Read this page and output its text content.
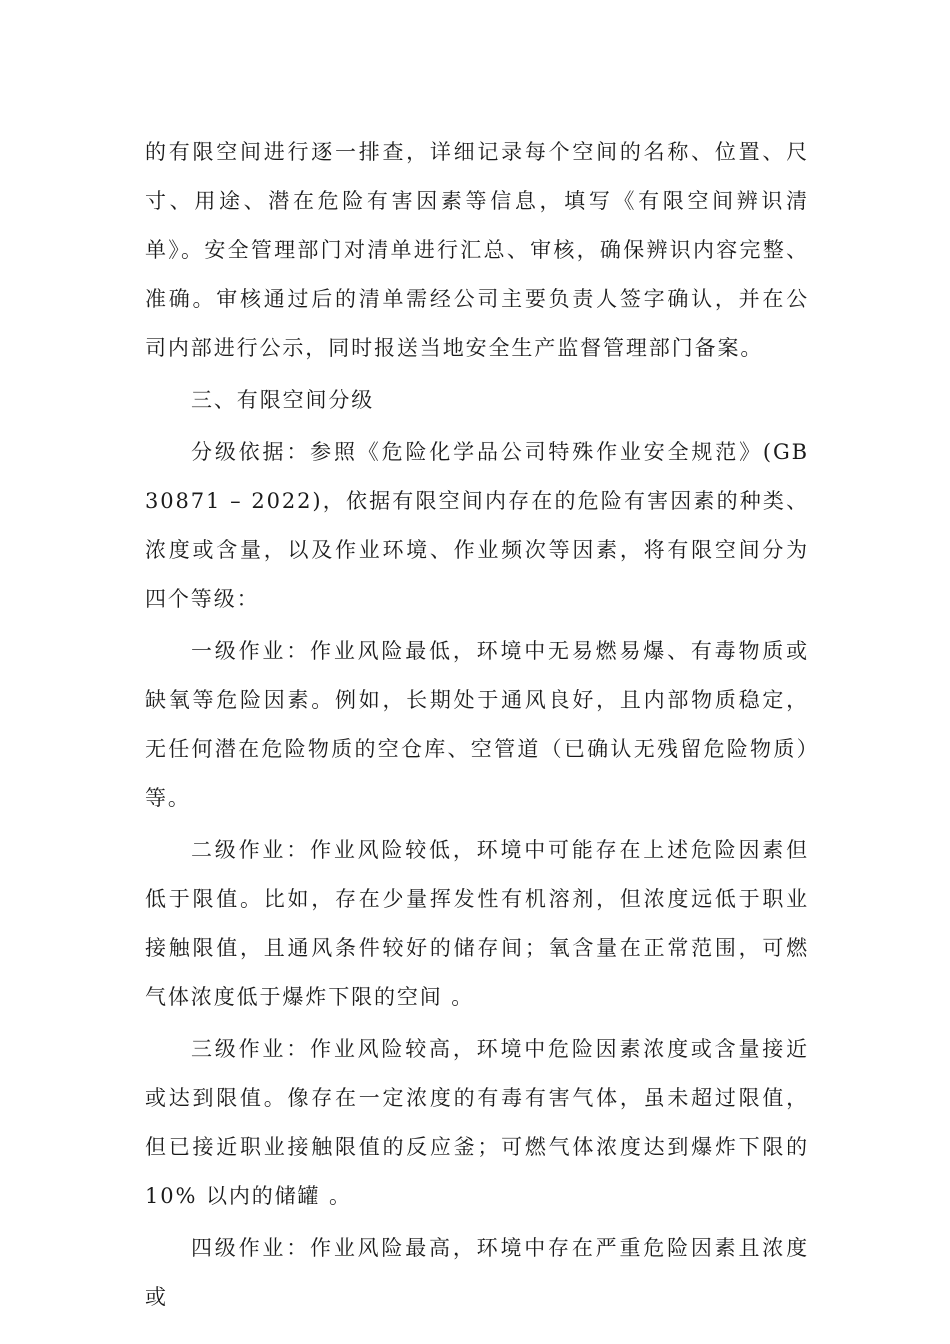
的有限空间进行逐一排查，详细记录每个空间的名称、位置、尺寸、用途、潜在危险有害因素等信息，填写《有限空间辨识清单》。安全管理部门对清单进行汇总、审核，确保辨识内容完整、准确。审核通过后的清单需经公司主要负责人签字确认，并在公司内部进行公示，同时报送当地安全生产监督管理部门备案。

三、有限空间分级

分级依据：参照《危险化学品公司特殊作业安全规范》(GB 30871 – 2022)，依据有限空间内存在的危险有害因素的种类、浓度或含量，以及作业环境、作业频次等因素，将有限空间分为四个等级：

一级作业：作业风险最低，环境中无易燃易爆、有毒物质或缺氧等危险因素。例如，长期处于通风良好，且内部物质稳定，无任何潜在危险物质的空仓库、空管道（已确认无残留危险物质）等。

二级作业：作业风险较低，环境中可能存在上述危险因素但低于限值。比如，存在少量挥发性有机溶剂，但浓度远低于职业接触限值，且通风条件较好的储存间；氧含量在正常范围，可燃气体浓度低于爆炸下限的空间 。

三级作业：作业风险较高，环境中危险因素浓度或含量接近或达到限值。像存在一定浓度的有毒有害气体，虽未超过限值，但已接近职业接触限值的反应釜；可燃气体浓度达到爆炸下限的 10% 以内的储罐 。

四级作业：作业风险最高，环境中存在严重危险因素且浓度或
